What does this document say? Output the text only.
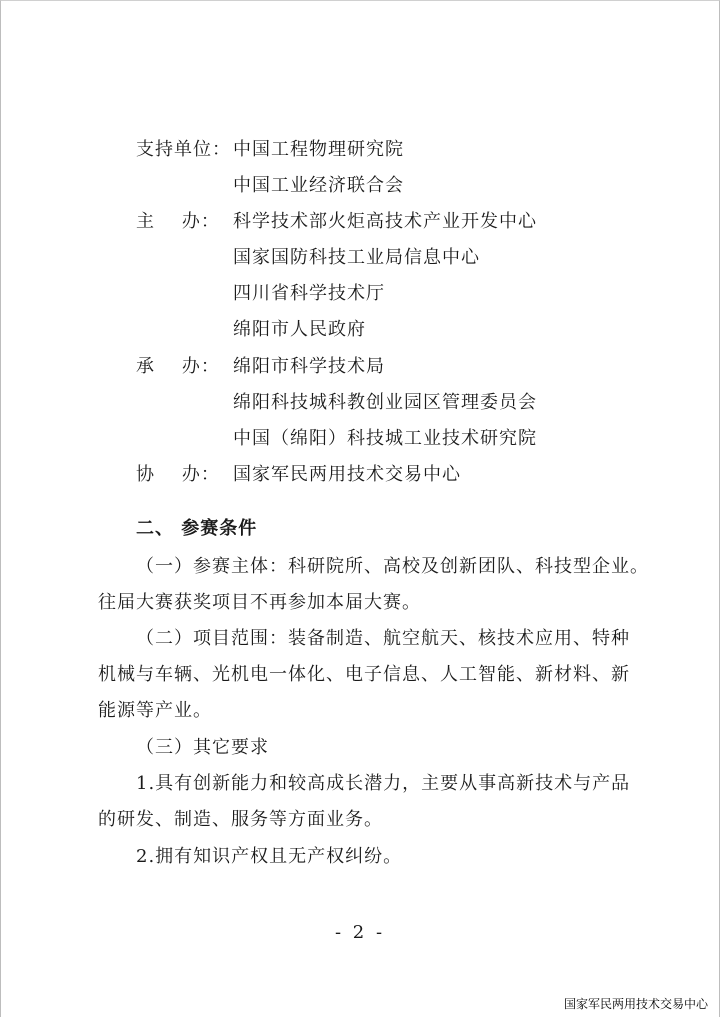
支持单位： 中国工程物理研究院
中国工业经济联合会
主    办： 科学技术部火炬高技术产业开发中心
国家国防科技工业局信息中心
四川省科学技术厅
绵阳市人民政府
承    办： 绵阳市科学技术局
绵阳科技城科教创业园区管理委员会
中国（绵阳）科技城工业技术研究院
协    办： 国家军民两用技术交易中心
二、 参赛条件
（一）参赛主体：科研院所、高校及创新团队、科技型企业。
往届大赛获奖项目不再参加本届大赛。
（二）项目范围：装备制造、航空航天、核技术应用、特种
机械与车辆、光机电一体化、电子信息、人工智能、新材料、新
能源等产业。
（三）其它要求
1.具有创新能力和较高成长潜力，主要从事高新技术与产品
的研发、制造、服务等方面业务。
2.拥有知识产权且无产权纠纷。
- 2 -
国家军民两用技术交易中心
